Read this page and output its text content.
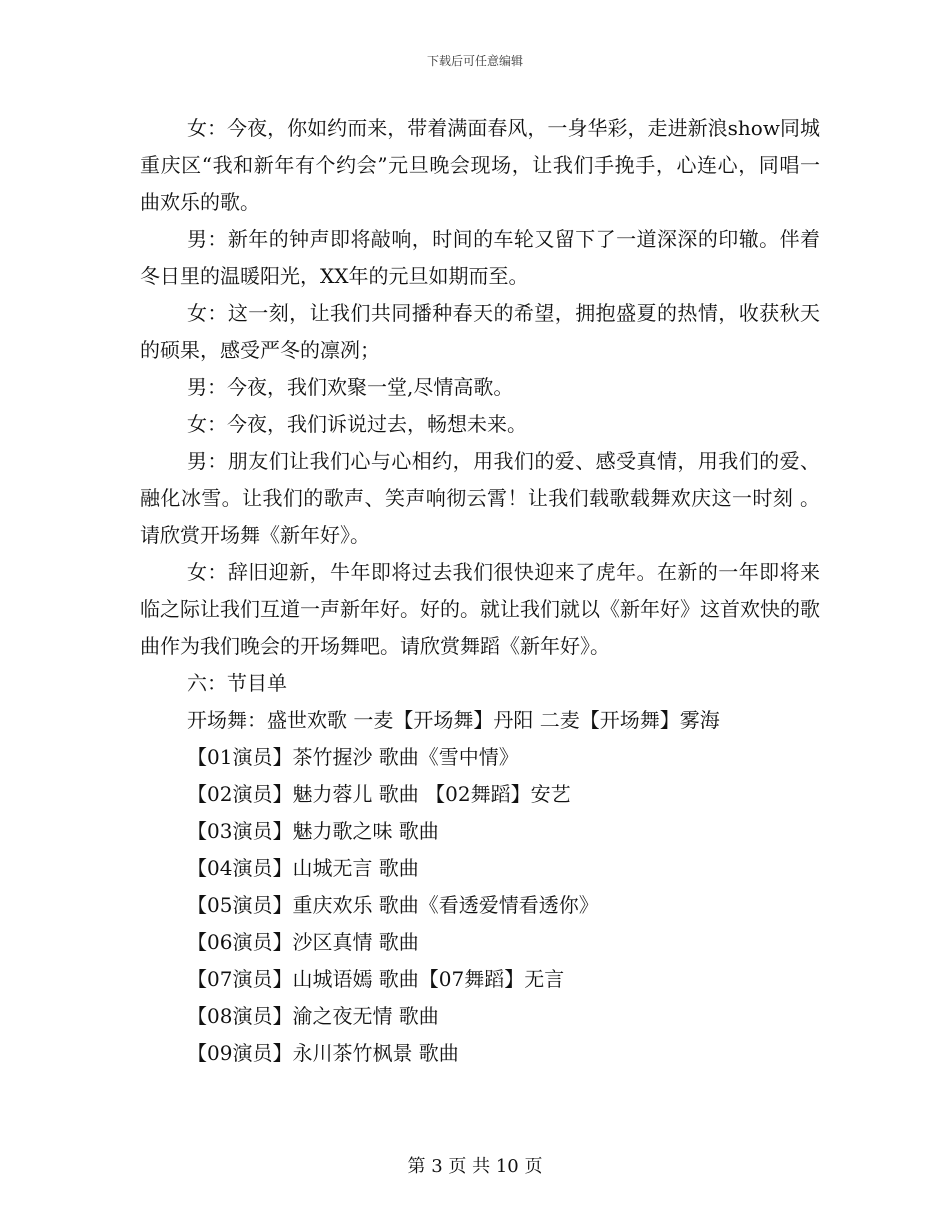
下载后可任意编辑

女：今夜，你如约而来，带着满面春风，一身华彩，走进新浪show同城重庆区“我和新年有个约会”元旦晚会现场，让我们手挽手，心连心，同唱一曲欢乐的歌。

男：新年的钟声即将敲响，时间的车轮又留下了一道深深的印辙。伴着冬日里的温暖阳光，XX年的元旦如期而至。

女：这一刻，让我们共同播种春天的希望，拥抱盛夏的热情，收获秋天的硕果，感受严冬的凛冽；

男：今夜，我们欢聚一堂,尽情高歌。

女：今夜，我们诉说过去，畅想未来。

男：朋友们让我们心与心相约，用我们的爱、感受真情，用我们的爱、融化冰雪。让我们的歌声、笑声响彻云霄！让我们载歌载舞欢庆这一时刻 。请欣赏开场舞《新年好》。

女：辞旧迎新，牛年即将过去我们很快迎来了虎年。在新的一年即将来临之际让我们互道一声新年好。好的。就让我们就以《新年好》这首欢快的歌曲作为我们晚会的开场舞吧。请欣赏舞蹈《新年好》。

六：节目单
开场舞：盛世欢歌 一麦【开场舞】丹阳 二麦【开场舞】雾海
【01演员】茶竹握沙 歌曲《雪中情》
【02演员】魅力蓉儿 歌曲 【02舞蹈】安艺
【03演员】魅力歌之味 歌曲
【04演员】山城无言 歌曲
【05演员】重庆欢乐 歌曲《看透爱情看透你》
【06演员】沙区真情 歌曲
【07演员】山城语嫣 歌曲【07舞蹈】无言
【08演员】渝之夜无情 歌曲
【09演员】永川茶竹枫景 歌曲
第 3 页 共 10 页
